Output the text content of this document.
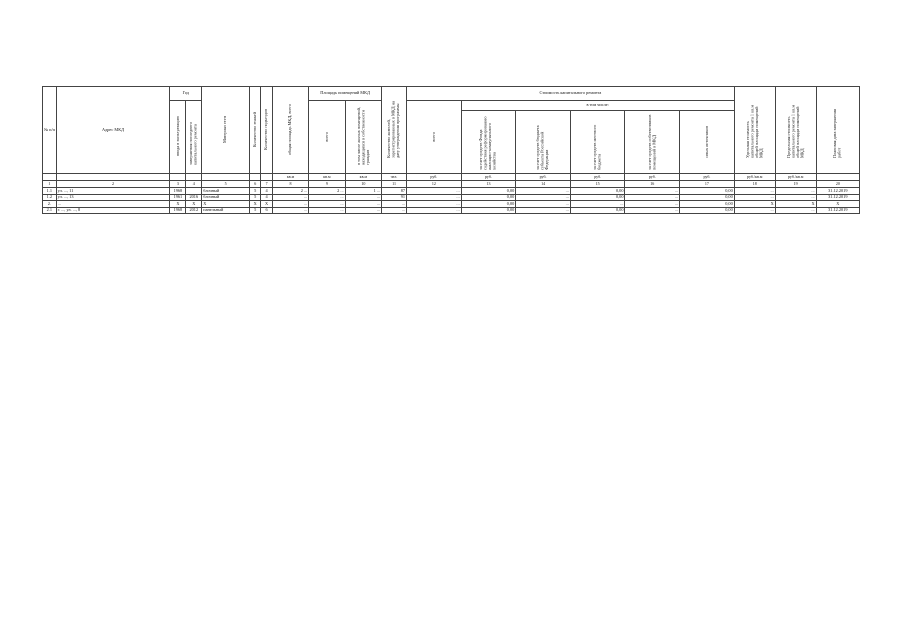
№ п/п	Адрес МКД	Год		Материал стен	Количество этажей	Количество подъездов	общая площадь МКД, всего	Площадь помещений МКД		Количество жителей, зарегистрированных в МКД на дату утверждения программы	Стоимость капитального ремонта						Удельная стоимость капитального ремонта 1 кв.м общей площади помещений МКД	Предельная стоимость капитального ремонта 1 кв.м общей площади помещений МКД	Плановая дата завершения работ
		ввода в эксплуатацию	завершения последнего капитального ремонта					всего	в том числе жилых помещений, находящихся в собственности граждан		всего	в том числе:							
												за счет средств Фонда содействия реформированию жилищно-коммунального хозяйства	за счет средств бюджета субъекта Российской Федерации	за счет средств местного бюджета	за счет средств собственников помещений в МКД	иных источников			
							кв.м	кв.м	кв.м	чел.	руб.	руб.	руб.	руб.	руб.	руб.	руб./кв.м	руб./кв.м	
1	2	3	4	5	6	7	8	9	10	11	12	13	14	15	16	17	18	19	20
1.1	ул. ..., 11	1968		блочный	5	4	2 ...	2 ...	1 ...	87	...	0,00	...	0,00	...	0,00	...	...	31.12.2019
1.2	ул. ..., 13	1961	2016	блочный	5	4	...	...	...	91	...	0,00	...	0,00	...	0,00	...	...	31.12.2019
2.	...	X	X	X	X	X	...	...	...	...	...	0,00	...	...	...	0,00	X	X	X
2.1	г. ..., ул. ..., 8	1968	2012	панельный	5	6	...	...	...	...	...	0,00	...	0,00	...	0,00	...	...	31.12.2019
